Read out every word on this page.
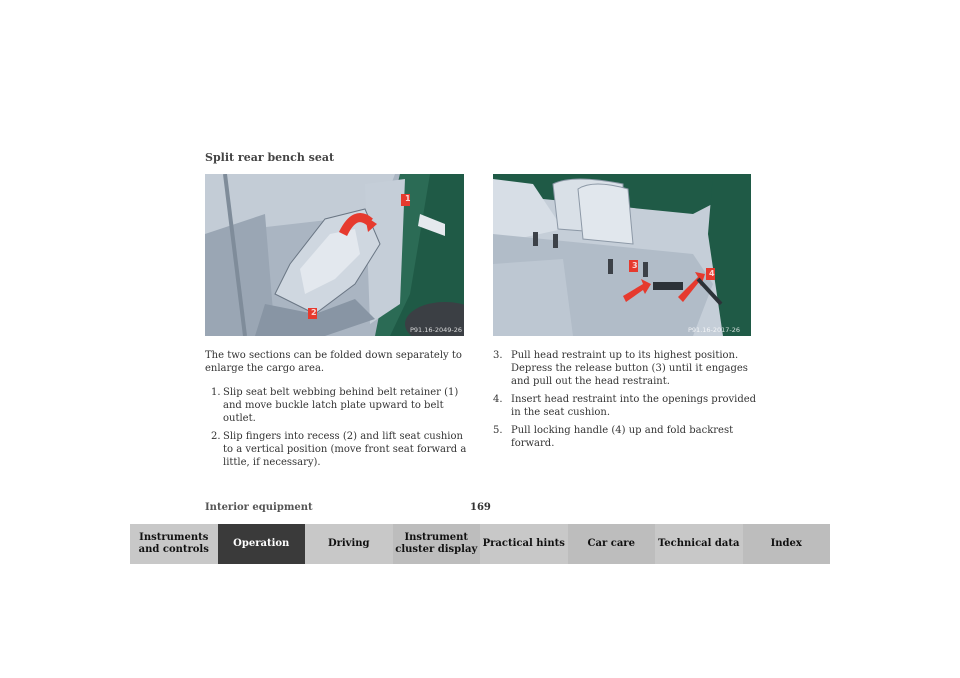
Split rear bench seat
1
2
P91.16-2049-26
3
4
P91.16-2017-26
The two sections can be folded down separately to enlarge the cargo area.
1. Slip seat belt webbing behind belt retainer (1) and move buckle latch plate upward to belt outlet.
2. Slip fingers into recess (2) and lift seat cushion to a vertical position (move front seat forward a little, if necessary).
3. Pull head restraint up to its highest position. Depress the release button (3) until it engages and pull out the head restraint.
4. Insert head restraint into the openings provided in the seat cushion.
5. Pull locking handle (4) up and fold backrest forward.
Interior equipment	169
Instruments and controls
Operation	Driving
Instrument cluster display
Practical hints	Car care	Technical data	Index
